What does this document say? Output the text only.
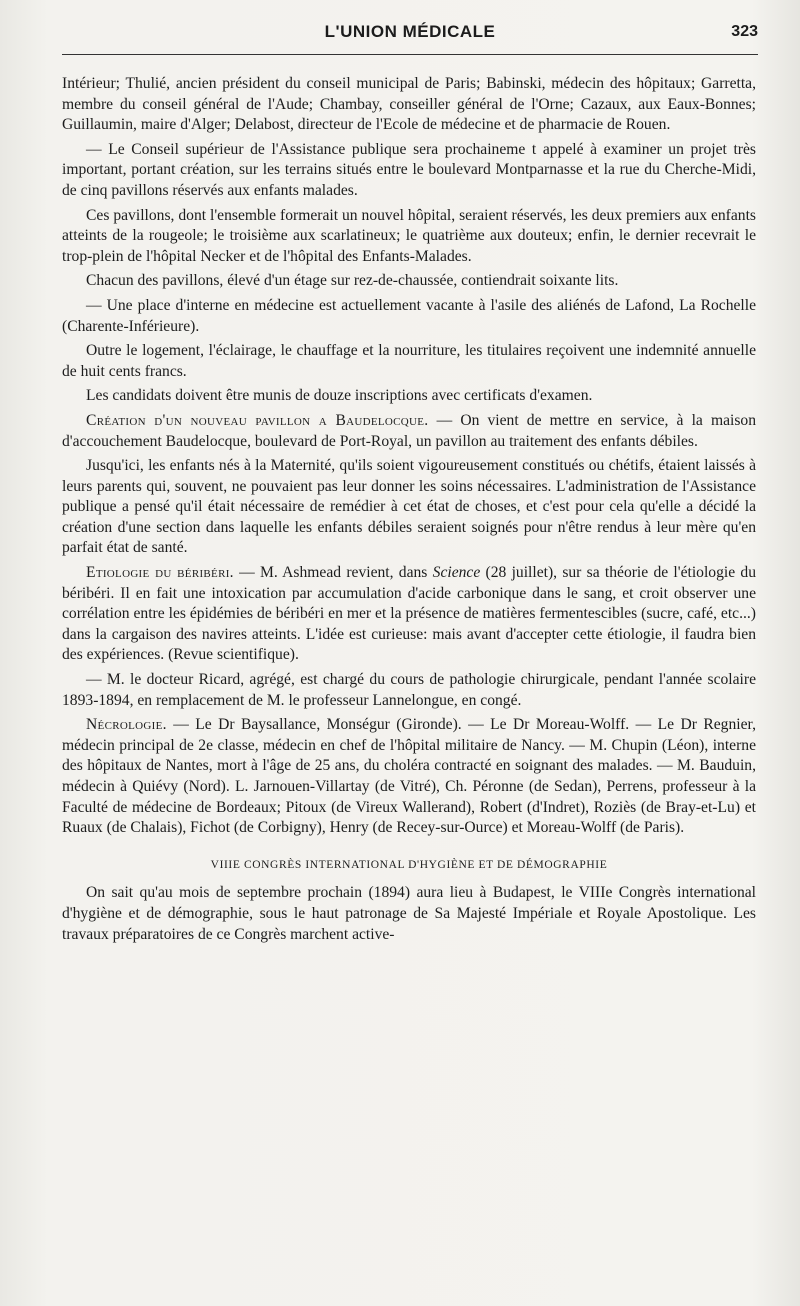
L'UNION MÉDICALE	323

Intérieur; Thulié, ancien président du conseil municipal de Paris; Babinski, médecin des hôpitaux; Garretta, membre du conseil général de l'Aude; Chambay, conseiller général de l'Orne; Cazaux, aux Eaux-Bonnes; Guillaumin, maire d'Alger; Delabost, directeur de l'Ecole de médecine et de pharmacie de Rouen.

— Le Conseil supérieur de l'Assistance publique sera prochaineme t appelé à examiner un projet très important, portant création, sur les terrains situés entre le boulevard Montparnasse et la rue du Cherche-Midi, de cinq pavillons réservés aux enfants malades.

Ces pavillons, dont l'ensemble formerait un nouvel hôpital, seraient réservés, les deux premiers aux enfants atteints de la rougeole; le troisième aux scarlatineux; le quatrième aux douteux; enfin, le dernier recevrait le trop-plein de l'hôpital Necker et de l'hôpital des Enfants-Malades.

Chacun des pavillons, élevé d'un étage sur rez-de-chaussée, contiendrait soixante lits.

— Une place d'interne en médecine est actuellement vacante à l'asile des aliénés de Lafond, La Rochelle (Charente-Inférieure).

Outre le logement, l'éclairage, le chauffage et la nourriture, les titulaires reçoivent une indemnité annuelle de huit cents francs.

Les candidats doivent être munis de douze inscriptions avec certificats d'examen.

Création d'un nouveau pavillon a Baudelocque. — On vient de mettre en service, à la maison d'accouchement Baudelocque, boulevard de Port-Royal, un pavillon au traitement des enfants débiles.

Jusqu'ici, les enfants nés à la Maternité, qu'ils soient vigoureusement constitués ou chétifs, étaient laissés à leurs parents qui, souvent, ne pouvaient pas leur donner les soins nécessaires. L'administration de l'Assistance publique a pensé qu'il était nécessaire de remédier à cet état de choses, et c'est pour cela qu'elle a décidé la création d'une section dans laquelle les enfants débiles seraient soignés pour n'être rendus à leur mère qu'en parfait état de santé.

Etiologie du béribéri. — M. Ashmead revient, dans Science (28 juillet), sur sa théorie de l'étiologie du béribéri. Il en fait une intoxication par accumulation d'acide carbonique dans le sang, et croit observer une corrélation entre les épidémies de béribéri en mer et la présence de matières fermentescibles (sucre, café, etc...) dans la cargaison des navires atteints. L'idée est curieuse: mais avant d'accepter cette étiologie, il faudra bien des expériences. (Revue scientifique).

— M. le docteur Ricard, agrégé, est chargé du cours de pathologie chirurgicale, pendant l'année scolaire 1893-1894, en remplacement de M. le professeur Lannelongue, en congé.

Nécrologie. — Le Dr Baysallance, Monségur (Gironde). — Le Dr Moreau-Wolff. — Le Dr Regnier, médecin principal de 2e classe, médecin en chef de l'hôpital militaire de Nancy. — M. Chupin (Léon), interne des hôpitaux de Nantes, mort à l'âge de 25 ans, du choléra contracté en soignant des malades. — M. Bauduin, médecin à Quiévy (Nord). L. Jarnouen-Villartay (de Vitré), Ch. Péronne (de Sedan), Perrens, professeur à la Faculté de médecine de Bordeaux; Pitoux (de Vireux Wallerand), Robert (d'Indret), Roziès (de Bray-et-Lu) et Ruaux (de Chalais), Fichot (de Corbigny), Henry (de Recey-sur-Ource) et Moreau-Wolff (de Paris).

VIIIE CONGRÈS INTERNATIONAL D'HYGIÈNE ET DE DÉMOGRAPHIE

On sait qu'au mois de septembre prochain (1894) aura lieu à Budapest, le VIIIe Congrès international d'hygiène et de démographie, sous le haut patronage de Sa Majesté Impériale et Royale Apostolique. Les travaux préparatoires de ce Congrès marchent active-
